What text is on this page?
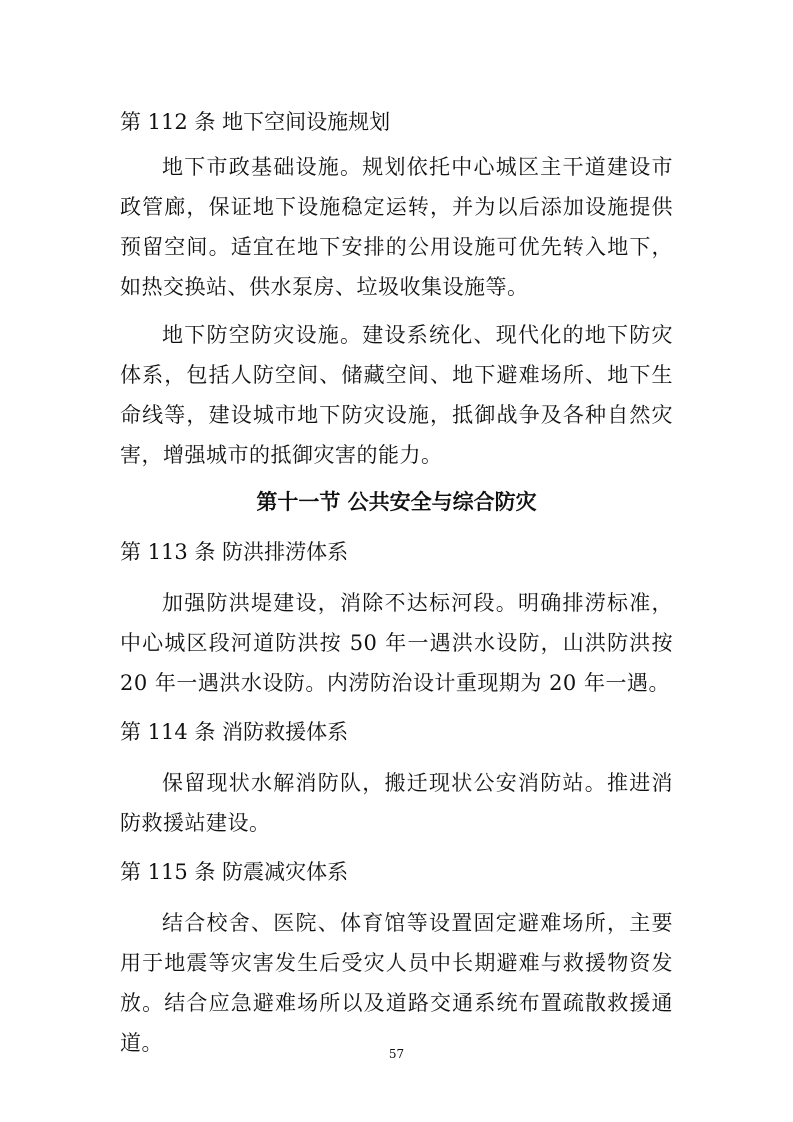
第 112 条 地下空间设施规划
地下市政基础设施。规划依托中心城区主干道建设市政管廊，保证地下设施稳定运转，并为以后添加设施提供预留空间。适宜在地下安排的公用设施可优先转入地下，如热交换站、供水泵房、垃圾收集设施等。
地下防空防灾设施。建设系统化、现代化的地下防灾体系，包括人防空间、储藏空间、地下避难场所、地下生命线等，建设城市地下防灾设施，抵御战争及各种自然灾害，增强城市的抵御灾害的能力。
第十一节 公共安全与综合防灾
第 113 条 防洪排涝体系
加强防洪堤建设，消除不达标河段。明确排涝标准，中心城区段河道防洪按 50 年一遇洪水设防，山洪防洪按 20 年一遇洪水设防。内涝防治设计重现期为 20 年一遇。
第 114 条 消防救援体系
保留现状水解消防队，搬迁现状公安消防站。推进消防救援站建设。
第 115 条 防震减灾体系
结合校舍、医院、体育馆等设置固定避难场所，主要用于地震等灾害发生后受灾人员中长期避难与救援物资发放。结合应急避难场所以及道路交通系统布置疏散救援通道。	57
